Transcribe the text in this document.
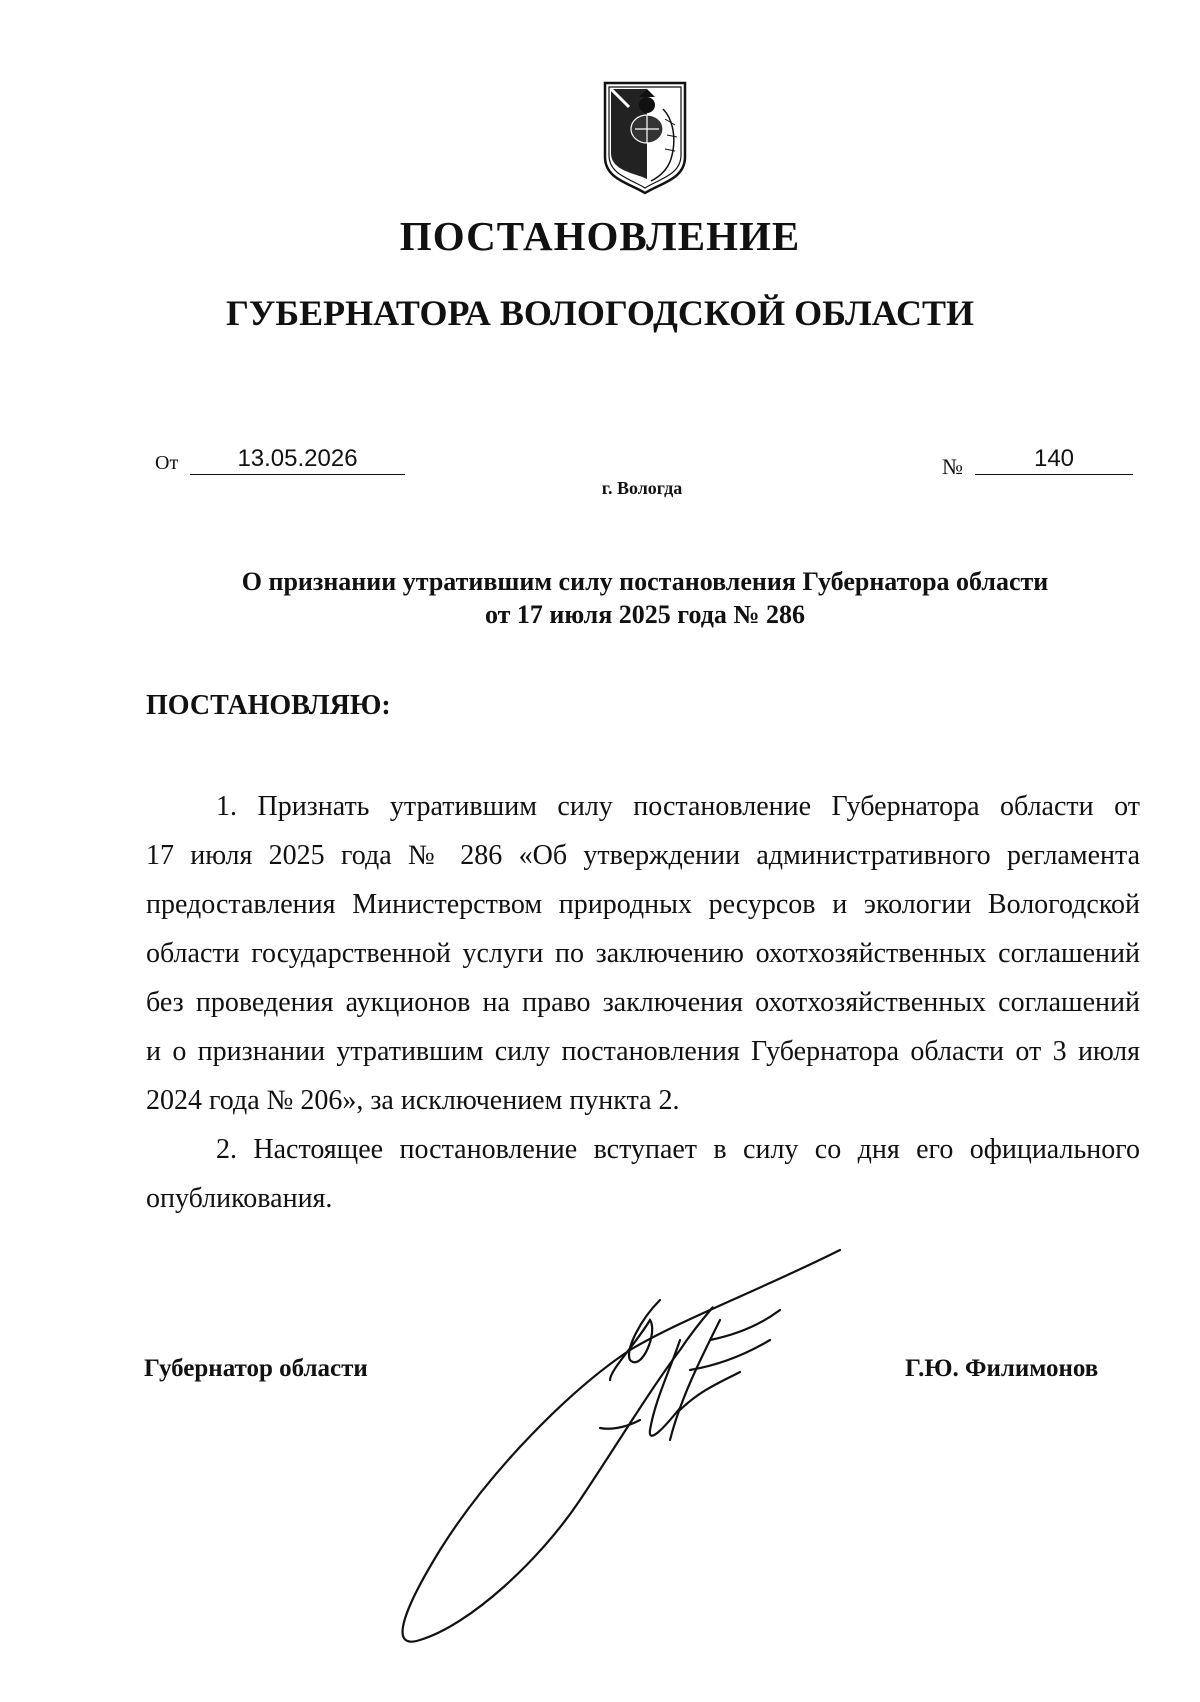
ПОСТАНОВЛЕНИЕ
ГУБЕРНАТОРА ВОЛОГОДСКОЙ ОБЛАСТИ
От	13.05.2026	№	140
г. Вологда
О признании утратившим силу постановления Губернатора области
от 17 июля 2025 года № 286
ПОСТАНОВЛЯЮ:
1. Признать утратившим силу постановление Губернатора области от
17 июля 2025 года № 286 «Об утверждении административного регламента
предоставления Министерством природных ресурсов и экологии Вологодской
области государственной услуги по заключению охотхозяйственных соглашений
без проведения аукционов на право заключения охотхозяйственных соглашений
и о признании утратившим силу постановления Губернатора области от 3 июля
2024 года № 206», за исключением пункта 2.
2. Настоящее постановление вступает в силу со дня его официального
опубликования.
Губернатор области	Г.Ю. Филимонов
